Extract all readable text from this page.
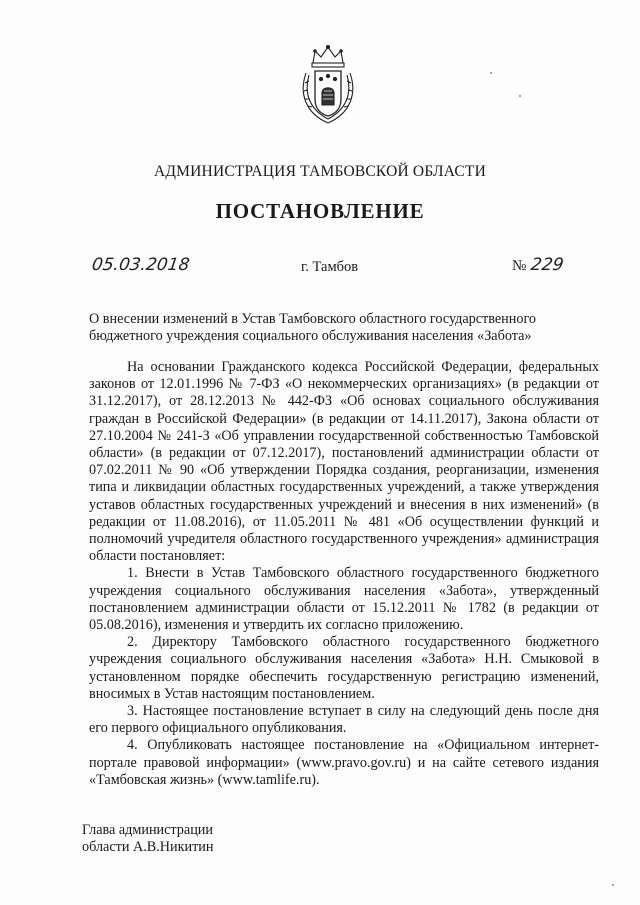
АДМИНИСТРАЦИЯ ТАМБОВСКОЙ ОБЛАСТИ
ПОСТАНОВЛЕНИЕ
05.03.2018	г. Тамбов	№ 229
О внесении изменений в Устав Тамбовского областного государственного бюджетного учреждения социального обслуживания населения «Забота»

На основании Гражданского кодекса Российской Федерации, федеральных законов от 12.01.1996 № 7-ФЗ «О некоммерческих организациях» (в редакции от 31.12.2017), от 28.12.2013 № 442-ФЗ «Об основах социального обслуживания граждан в Российской Федерации» (в редакции от 14.11.2017), Закона области от 27.10.2004 № 241-З «Об управлении государственной собственностью Тамбовской области» (в редакции от 07.12.2017), постановлений администрации области от 07.02.2011 № 90 «Об утверждении Порядка создания, реорганизации, изменения типа и ликвидации областных государственных учреждений, а также утверждения уставов областных государственных учреждений и внесения в них изменений» (в редакции от 11.08.2016), от 11.05.2011 № 481 «Об осуществлении функций и полномочий учредителя областного государственного учреждения» администрация области постановляет:

1. Внести в Устав Тамбовского областного государственного бюджетного учреждения социального обслуживания населения «Забота», утвержденный постановлением администрации области от 15.12.2011 № 1782 (в редакции от 05.08.2016), изменения и утвердить их согласно приложению.

2. Директору Тамбовского областного государственного бюджетного учреждения социального обслуживания населения «Забота» Н.Н. Смыковой в установленном порядке обеспечить государственную регистрацию изменений, вносимых в Устав настоящим постановлением.

3. Настоящее постановление вступает в силу на следующий день после дня его первого официального опубликования.

4. Опубликовать настоящее постановление на «Официальном интернет-портале правовой информации» (www.pravo.gov.ru) и на сайте сетевого издания «Тамбовская жизнь» (www.tamlife.ru).

Глава администрации
области А.В.Никитин
